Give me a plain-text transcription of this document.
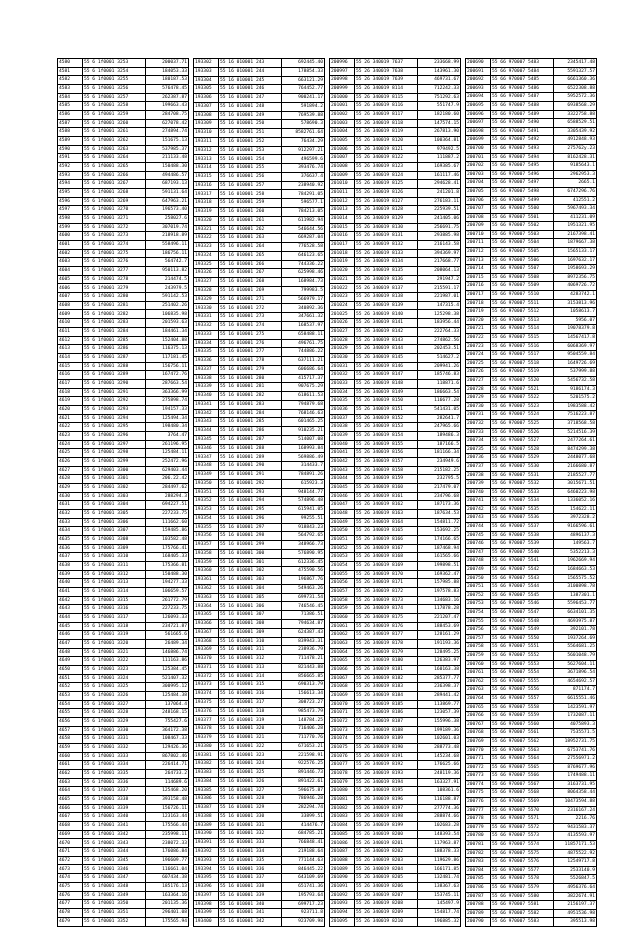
4580	55 6 1f0001 3253	200037.71
4581	55 6 1f0001 3254	184053.33
4582	55 6 1f0001 3255	180187.53
4583	55 6 1f0001 3256	576478.45
4584	55 6 1f0001 3257	262387.87
4585	55 6 1f0001 3258	199663.43
4586	55 6 1f0001 3259	284708.75
4587	55 6 1f0001 3260	627078.42
4588	55 6 1f0001 3261	274894.74
4589	55 6 1f0001 3262	151675.13
4590	55 6 1f0001 3263	537985.37
4591	55 6 1f0001 3264	211133.48
4592	55 6 1f0001 3265	150488.30
4593	55 6 1f0001 3266	494486.57
4594	55 6 1f0001 3267	687193.13
4595	55 6 1f0001 3268	591131.64
4596	55 6 1f0001 3269	647963.21
4597	55 6 1f0001 3270	196573.40
4598	55 6 1f0001 3271	258027.6
4599	55 6 1f0001 3272	307019.74
4600	55 6 1f0001 3273	218918.89
4601	55 6 1f0001 3274	558496.11
4602	55 6 1f0001 3275	186756.11
4603	55 6 1f0001 3276	564742.7
4604	55 6 1f0001 3277	950113.82
4605	55 6 1f0001 3278	214474.5
4606	55 6 1f0001 3279	243979.5
4607	55 6 1f0001 3280	591142.53
4608	55 6 1f0001 3281	251402.26
4609	55 6 1f0001 3282	106835.98
4610	55 6 1f0001 3283	201593.63
4611	55 6 1f0001 3284	184461.34
4612	55 6 1f0001 3285	152404.88
4613	55 6 1f0001 3286	116375.13
4614	55 6 1f0001 3287	117181.45
4615	55 6 1f0001 3288	156756.11
4616	55 6 1f0001 3289	167472.76
4617	55 6 1f0001 3290	287663.54
4618	55 6 1f0001 3291	363366.99
4619	55 6 1f0001 3292	275898.74
4620	55 6 1f0001 3293	194157.33
4621	55 6 1f0001 3294	125494.34
4622	55 6 1f0001 3295	198480.34
4623	55 6 1f0001 3296	3764.47
4624	55 6 1f0001 3297	261196.95
4625	55 6 1f0001 3298	125484.11
4626	55 6 1f0001 3299	252472.96
4627	55 6 1f0001 3300	629403.44
4628	55 6 1f0001 3301	206.22.42
4629	55 6 1f0001 3302	284497.62
4630	55 6 1f0001 3303	288294.3
4631	55 6 1f0001 3304	694227.51
4632	55 6 1f0001 3305	227233.75
4633	55 6 1f0001 3306	111662.60
4634	55 6 1f0001 3307	159485.86
4635	55 6 1f0001 3308	103582.48
4636	55 6 1f0001 3309	175766.41
4637	55 6 1f0001 3310	168405.33
4638	55 6 1f0001 3311	175366.81
4639	55 6 1f0001 3312	150488.30
4640	55 6 1f0001 3313	194277.33
4641	55 6 1f0001 3314	106659.57
4642	55 6 1f0001 3315	261772.79
4643	55 6 1f0001 3316	227233.75
4644	55 6 1f0001 3317	126093.33
4645	55 6 1f0001 3318	234721.87
4646	55 6 1f0001 3319	561665.6
4647	55 6 1f0001 3320	26489.34
4648	55 6 1f0001 3321	146886.74
4649	55 6 1f0001 3322	111163.86
4650	55 6 1f0001 3323	125384.45
4651	55 6 1f0001 3324	521407.32
4652	55 6 1f0001 3325	300995.12
4653	55 6 1f0001 3326	125484.38
4654	55 6 1f0001 3327	137064.4
4655	55 6 1f0001 3328	248168.15
4656	55 6 1f0001 3329	755427.6
4657	55 6 1f0001 3330	364172.38
4658	55 6 1f0001 3331	108467.33
4659	55 6 1f0001 3332	129426.36
4660	55 6 1f0001 3333	867802.46
4661	55 6 1f0001 3334	226414.71
4662	55 6 1f0001 3335	264733.2
4663	55 6 1f0001 3336	114689.6
4664	55 6 1f0001 3337	125468.20
4665	55 6 1f0001 3338	393158.48
4666	55 6 1f0001 3339	156726.11
4667	55 6 1f0001 3340	123163.44
4668	55 6 1f0001 3341	175566.44
4669	55 6 1f0001 3342	235998.11
4670	55 6 1f0001 3343	238072.33
4671	55 6 1f0001 3344	176086.84
4672	55 6 1f0001 3345	196609.77
4673	55 6 1f0001 3346	116661.04
4674	55 6 1f0001 3347	607434.38
4675	55 6 1f0001 3348	185176.13
4676	55 6 1f0001 3349	163364.16
4677	55 6 1f0001 3350	201135.36
4678	55 6 1f0001 3351	296401.08
4679	55 6 1f0001 3352	175565.94
193302	55 16 010001 243	692445.40
193303	55 16 010001 244	178854.33
193304	55 16 010001 245	663121.29
193305	55 16 010001 246	764452.77
193306	55 16 010001 247	900241.17
193307	55 16 010001 248	591894.2
193308	55 16 010001 249	769539.88
193309	55 16 010001 250	578690.3
193310	55 16 010001 251	8582761.64
193311	55 16 010001 252	76434.29
193312	55 16 010001 253	912297.21
193313	55 16 010001 254	496599.6
193314	55 16 010001 255	393476.74
193315	55 16 010001 256	376637.4
193316	55 16 010001 257	238940.92
193317	55 16 010001 258	784291.05
193318	55 16 010001 259	596577.1
193319	55 16 010001 260	784213.05
193320	55 16 010001 261	611982.94
193321	55 16 010001 262	546644.56
193322	55 16 010001 263	669287.04
193323	55 16 010001 264	776528.58
193324	55 16 010001 265	646123.65
193325	55 16 010001 266	744336.22
193326	55 16 010001 267	625998.46
193327	55 16 010001 268	168984.73
193328	55 16 010001 269	799983.5
193329	55 16 010001 271	566979.17
193330	55 16 010001 272	340892.36
193331	55 16 010001 273	347661.32
193332	55 16 010001 274	168537.97
193333	55 16 010001 275	658488.11
193334	55 16 010001 276	496761.75
193335	55 16 010001 277	744886.22
193336	55 16 010001 278	637111.21
193337	55 16 010001 279	606686.64
193338	55 16 010001 280	415717.37
193339	55 16 010001 281	907675.29
193340	55 16 010001 282	618611.53
193341	55 16 010001 283	794879.68
193342	55 16 010001 284	768146.63
193343	55 16 010001 285	601465.25
193344	55 16 010001 286	910235.21
193345	55 16 010001 287	514007.08
193346	55 16 010001 288	168993.84
193347	55 16 010001 289	569886.49
193348	55 16 010001 290	314433.7
193349	55 16 010001 291	784891.26
193350	55 16 010001 292	615923.3
193351	55 16 010001 293	948144.77
193352	55 16 010001 294	574896.48
193353	55 16 010001 295	615941.05
193354	55 16 010001 296	99255.51
193355	55 16 010001 297	918843.23
193356	55 16 010001 298	564792.65
193357	55 16 010001 299	348966.73
193358	55 16 010001 300	576890.95
193359	55 16 010001 301	612336.45
193360	55 16 010001 302	475590.56
193361	55 16 010001 303	196867.76
193362	55 16 010001 304	549463.26
193363	55 16 010001 305	699731.54
193364	55 16 010001 306	746546.45
193365	55 16 010001 307	71386.51
193366	55 16 010001 308	794634.87
193367	55 16 010001 309	624387.43
193368	55 16 010001 310	839943.31
193369	55 16 010001 311	238936.79
193370	55 16 010001 312	711478.21
193371	55 16 010001 313	821443.88
193372	55 16 010001 314	856665.85
193373	55 16 010001 315	690313.79
193374	55 16 010001 316	156613.34
193375	55 16 010001 317	308723.27
193376	55 16 010001 318	985473.79
193377	55 16 010001 319	148784.25
193378	55 16 010001 320	716406.28
193379	55 16 010001 321	711770.76
193380	55 16 010001 322	671653.21
193381	55 16 010001 323	221598.91
193382	55 16 010001 324	922576.25
193383	55 16 010001 325	891446.73
193384	55 16 010001 326	891422.61
193385	55 16 010001 327	596675.87
193386	55 16 010001 328	786946.28
193387	55 16 010001 329	282294.74
193388	55 16 010001 330	33899.51
193389	55 16 010001 331	414476.7
193390	55 16 010001 332	684785.21
193391	55 16 010001 333	766848.41
193392	55 16 010001 334	219188.64
193393	55 16 010001 335	771144.63
193394	55 16 010001 336	846445.22
193395	55 16 010001 337	643109.69
193396	55 16 010001 338	651741.36
193397	55 16 010001 339	195793.64
193398	55 16 010001 340	699717.23
193399	55 16 010001 341	923711.8
193400	55 16 010001 342	923709.98
200996	55 26 340019 7637	233668.99
200997	55 26 340019 7638	143961.30
200998	55 26 340019 7639	469731.67
200999	55 26 340019 8114	712242.33
201000	55 26 340019 8115	751292.63
201001	55 26 340019 8116	551747.9
201002	55 26 340019 8117	182180.60
201003	55 26 340019 8118	147574.15
201004	55 26 340019 8119	267813.90
201005	55 26 340019 8120	100364.81
201006	55 26 340019 8121	979492.5
201007	55 26 340019 8122	111887.2
201008	55 26 340019 8123	169385.67
201009	55 26 340019 8124	161117.46
201010	55 26 340019 8125	294628.41
201011	55 26 340019 8126	241201.8
201012	55 26 340019 8127	276183.11
201013	55 26 340019 8128	225939.51
201014	55 26 340019 8129	241405.06
201015	55 26 340019 8130	256691.75
201016	55 26 340019 8131	293885.98
201017	55 26 340019 8132	216143.58
201018	55 26 340019 8133	394369.97
201019	55 26 340019 8134	217668.77
201020	55 26 340019 8135	208064.13
201021	55 26 340019 8136	291947.2
201022	55 26 340019 8137	215591.17
201023	55 26 340019 8138	221987.01
201024	55 26 340019 8139	147315.4
201025	55 26 340019 8140	125298.38
201026	55 26 340019 8141	183956.44
201027	55 26 340019 8142	222764.33
201028	55 26 340019 8143	274862.56
201029	55 26 340019 8144	202453.51
201030	55 26 340019 8145	514627.2
201031	55 26 340019 8146	209941.26
201032	55 26 340019 8147	185746.83
201033	55 26 340019 8148	118871.6
201034	55 26 340019 8149	186663.54
201035	55 26 340019 8150	116677.28
201036	55 26 340019 8151	541431.05
201037	55 26 340019 8152	282641.7
201038	55 26 340019 8153	247965.66
201039	55 26 340019 8154	189486.3
201040	55 26 340019 8155	187166.5
201041	55 26 340019 8156	181166.34
201042	55 26 340019 8157	234949.6
201043	55 26 340019 8158	215182.25
201044	55 26 340019 8159	232795.5
201045	55 26 340019 8160	217479.07
201046	55 26 340019 8161	234796.68
201047	55 26 340019 8162	187173.36
201048	55 26 340019 8163	187634.53
201049	55 26 340019 8164	154811.72
201050	55 26 340019 8165	153692.25
201051	55 26 340019 8166	174166.65
201052	55 26 340019 8167	187468.94
201053	55 26 340019 8168	161565.66
201054	55 26 340019 8169	199898.51
201055	55 26 340019 8170	169362.47
201056	55 26 340019 8171	157985.88
201057	55 26 340019 8172	197578.83
201058	55 26 340019 8173	134683.16
201059	55 26 340019 8174	117878.28
201060	55 26 340019 8175	221207.47
201061	55 26 340019 8176	188453.69
201062	55 26 340019 8177	128161.29
201063	55 26 340019 8178	191193.36
201064	55 26 340019 8179	128495.25
201065	55 26 340019 8180	126383.97
201066	55 26 340019 8181	160163.38
201067	55 26 340019 8182	285377.77
201068	55 26 340019 8183	236398.37
201069	55 26 340019 8184	289441.42
201070	55 26 340019 8185	113869.77
201071	55 26 340019 8186	123057.39
201072	55 26 340019 8187	155996.38
201073	55 26 340019 8188	199189.36
201074	55 26 340019 8189	102601.03
201075	55 26 340019 8190	288773.48
201076	55 26 340019 8191	145234.68
201077	55 26 340019 8192	176625.66
201078	55 26 340019 8193	248119.36
201079	55 26 340019 8194	163327.91
201080	55 26 340019 8195	108361.6
201081	55 26 340019 8196	116188.87
201082	55 26 340019 8197	277774.36
201083	55 26 340019 8198	288874.66
201084	55 26 340019 8199	102683.28
201085	55 26 340019 8200	148393.54
201086	55 26 340019 8201	117963.87
201087	55 26 340019 8202	188378.33
201088	55 26 340019 8203	119629.86
201089	55 26 340019 8204	166171.85
201090	55 26 340019 8205	132481.74
201091	55 26 340019 8206	138367.63
201092	55 26 340019 8207	153745.11
201093	55 26 340019 8208	145497.9
201094	55 26 340019 8209	154817.74
201095	55 26 340019 8210	196885.32
200690	55 66 970007 5483	2345417.48
200691	55 66 970007 5484	5591327.57
200692	55 66 970007 5485	6661360.36
200693	55 66 970007 5486	6522308.88
200694	55 66 970007 5487	5952572.36
200695	55 66 970007 5488	6938568.29
200696	55 66 970007 5489	3322758.88
200697	55 66 970007 5490	6588529.51
200698	55 66 970007 5491	3305439.92
200699	55 66 970007 5492	4912848.93
200700	55 66 970007 5493	275762y.23
200701	55 66 970007 5494	8162428.31
200702	55 66 970007 5495	9185643.1
200703	55 66 970007 5496	2962953.3
200704	55 66 970007 5497	2665.1
200705	55 66 970007 5498	6747296.76
200706	55 66 970007 5499	412551.2
200707	55 66 970007 5500	5967493.34
200708	55 66 970007 5501	411231.09
200709	55 66 970007 5502	1951321.95
200710	55 66 970007 5503	2167398.41
200711	55 66 970007 5504	1879667.38
200712	55 66 970007 5505	1565133.17
200713	55 66 970007 5506	1697632.17
200714	55 66 970007 5507	1958693.29
200715	55 66 970007 5508	8972356.75
200716	55 66 970007 5509	4069726.72
200717	55 66 970007 5510	4283742.1
200718	55 66 970007 5511	3153813.96
200719	55 66 970007 5512	1058613.7
200720	55 66 970007 5513	5956.07
200721	55 66 970007 5514	19078379.8
200722	55 66 970007 5515	14567417.8
200723	55 66 970007 5516	6068369.97
200724	55 66 970007 5517	9504559.84
200725	55 66 970007 5518	1649726.69
200726	55 66 970007 5519	537999.88
200727	55 66 970007 5520	5456732.58
200728	55 66 970007 5521	9186174.3
200729	55 66 970007 5522	5201575.2
200730	55 66 970007 5523	1983588.42
200731	55 66 970007 5524	7516223.87
200732	55 66 970007 5525	3718568.58
200733	55 66 970007 5526	5214516.39
200734	55 66 970007 5527	2477264.61
200735	55 66 970007 5528	8474299.38
200736	55 66 970007 5529	2448077.68
200737	55 66 970007 5530	2166680.87
200738	55 66 970007 5531	2185527.77
200739	55 66 970007 5532	3015671.51
200740	55 66 970007 5533	6460223.98
200741	55 66 970007 5534	1336052.16
200742	55 66 970007 5535	154622.11
200743	55 66 970007 5536	3972328.2
200744	55 66 970007 5537	9166596.61
200745	55 66 970007 5538	4896137.3
200746	55 66 970007 5539	149563.7
200747	55 66 970007 5540	5352213.3
200748	55 66 970007 5541	1962669.94
200749	55 66 970007 5542	1684663.53
200750	55 66 970007 5543	1565575.52
200751	55 66 970007 5544	3100898.78
200752	55 66 970007 5545	1387301.1
200753	55 66 970007 5546	5596453.77
200754	55 66 970007 5547	6634101.35
200755	55 66 970007 5548	4693975.87
200756	55 66 970007 5549	392101.78
200757	55 66 970007 5550	1937264.69
200758	55 66 970007 5551	5564681.25
200759	55 66 970007 5552	5601048.79
200760	55 66 970007 5553	5627604.11
200761	55 66 970007 5554	3671896.54
200762	55 66 970007 5555	4654692.57
200763	55 66 970007 5556	871174.7
200764	55 66 970007 5557	6615551.46
200765	55 66 970007 5558	1423591.97
200766	55 66 970007 5559	1732087.11
200767	55 66 970007 5560	4075893.3
200768	55 66 970007 5561	7535571.5
200769	55 66 970007 5562	18952731.75
200770	55 66 970007 5563	6753741.76
200771	55 66 970007 5564	27556971.2
200772	55 66 970007 5565	8769677.96
200773	55 66 970007 5566	1749488.11
200774	55 66 970007 5567	3163731.95
200775	55 66 970007 5568	8064358.44
200776	55 66 970007 5569	10473594.88
200777	55 66 970007 5570	2316167.24
200778	55 66 970007 5571	2216.76
200779	55 66 970007 5572	9431583.37
200780	55 66 970007 5573	4135593.97
200781	55 66 970007 5574	11857171.53
200782	55 66 970007 5575	4875522.92
200783	55 66 970007 5576	12549717.8
200784	55 66 970007 5577	2533140.9
200785	55 66 970007 5578	5526847.5
200786	55 66 970007 5579	4956376.64
200787	55 66 970007 5580	3822674.91
200788	55 66 970007 5581	2156197.37
200789	55 66 970007 5582	4951536.98
200790	55 66 970007 5583	395513.98
